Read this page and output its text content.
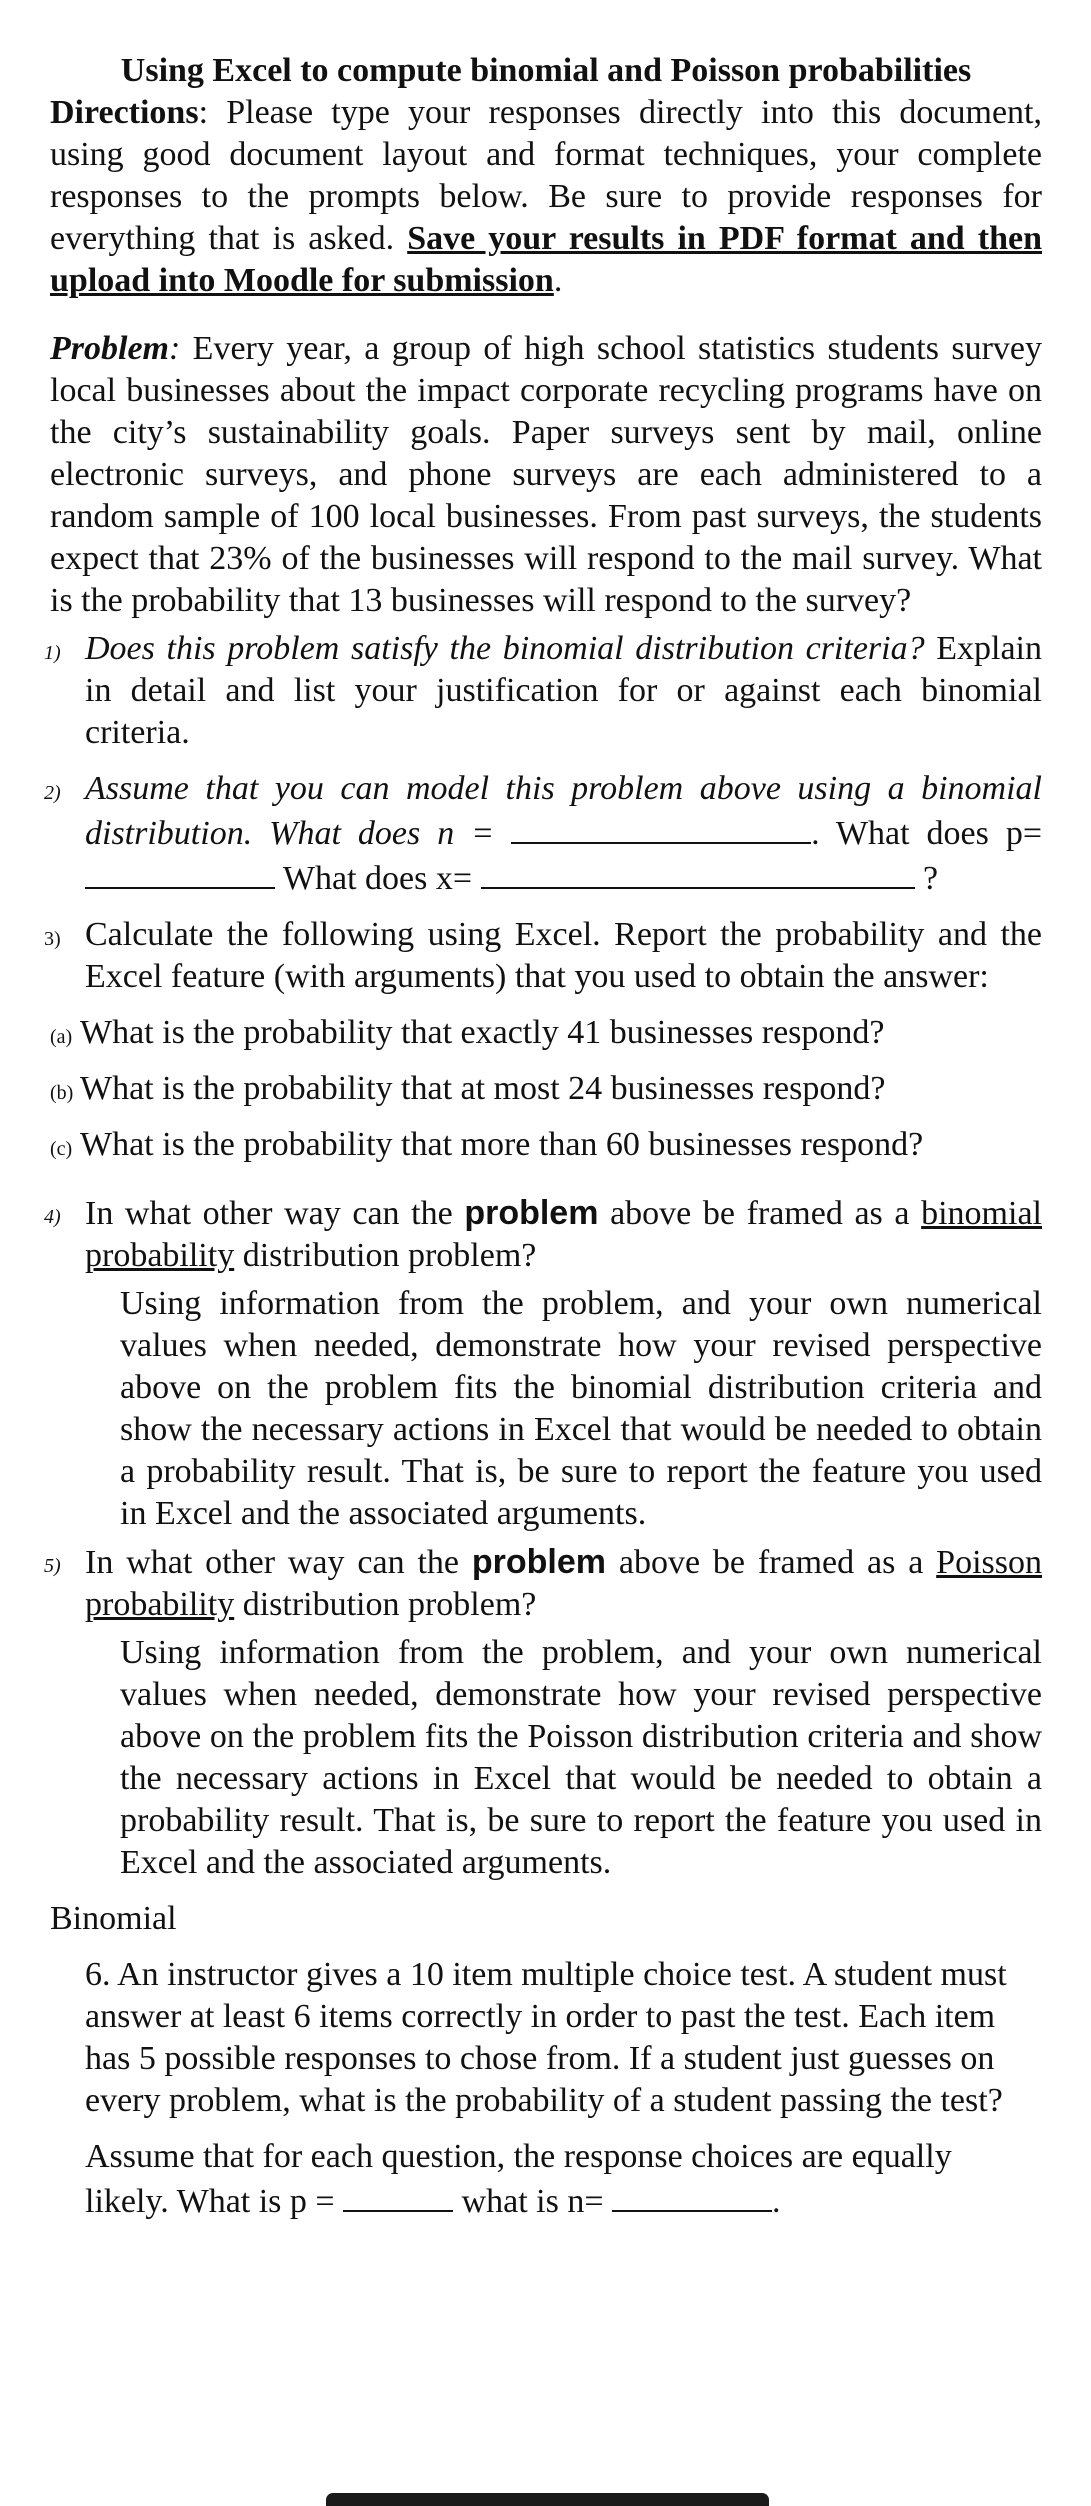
Using Excel to compute binomial and Poisson probabilities

Directions: Please type your responses directly into this document, using good document layout and format techniques, your complete responses to the prompts below. Be sure to provide responses for everything that is asked. Save your results in PDF format and then upload into Moodle for submission.

Problem: Every year, a group of high school statistics students survey local businesses about the impact corporate recycling programs have on the city’s sustainability goals. Paper surveys sent by mail, online electronic surveys, and phone surveys are each administered to a random sample of 100 local businesses. From past surveys, the students expect that 23% of the businesses will respond to the mail survey. What is the probability that 13 businesses will respond to the survey?

1) Does this problem satisfy the binomial distribution criteria? Explain in detail and list your justification for or against each binomial criteria.
2) Assume that you can model this problem above using a binomial distribution. What does n =	. What does p=  What does x=	?
3) Calculate the following using Excel. Report the probability and the Excel feature (with arguments) that you used to obtain the answer:
(a) What is the probability that exactly 41 businesses respond?
(b) What is the probability that at most 24 businesses respond?
(c) What is the probability that more than 60 businesses respond?
4) In what other way can the problem above be framed as a binomial probability distribution problem?

Using information from the problem, and your own numerical values when needed, demonstrate how your revised perspective above on the problem fits the binomial distribution criteria and show the necessary actions in Excel that would be needed to obtain a probability result. That is, be sure to report the feature you used in Excel and the associated arguments.

5) In what other way can the problem above be framed as a Poisson probability distribution problem?

Using information from the problem, and your own numerical values when needed, demonstrate how your revised perspective above on the problem fits the Poisson distribution criteria and show the necessary actions in Excel that would be needed to obtain a probability result. That is, be sure to report the feature you used in Excel and the associated arguments.

Binomial

6. An instructor gives a 10 item multiple choice test. A student must answer at least 6 items correctly in order to past the test. Each item has 5 possible responses to chose from. If a student just guesses on every problem, what is the probability of a student passing the test?

Assume that for each question, the response choices are equally likely. What is p =	what is n=	.
